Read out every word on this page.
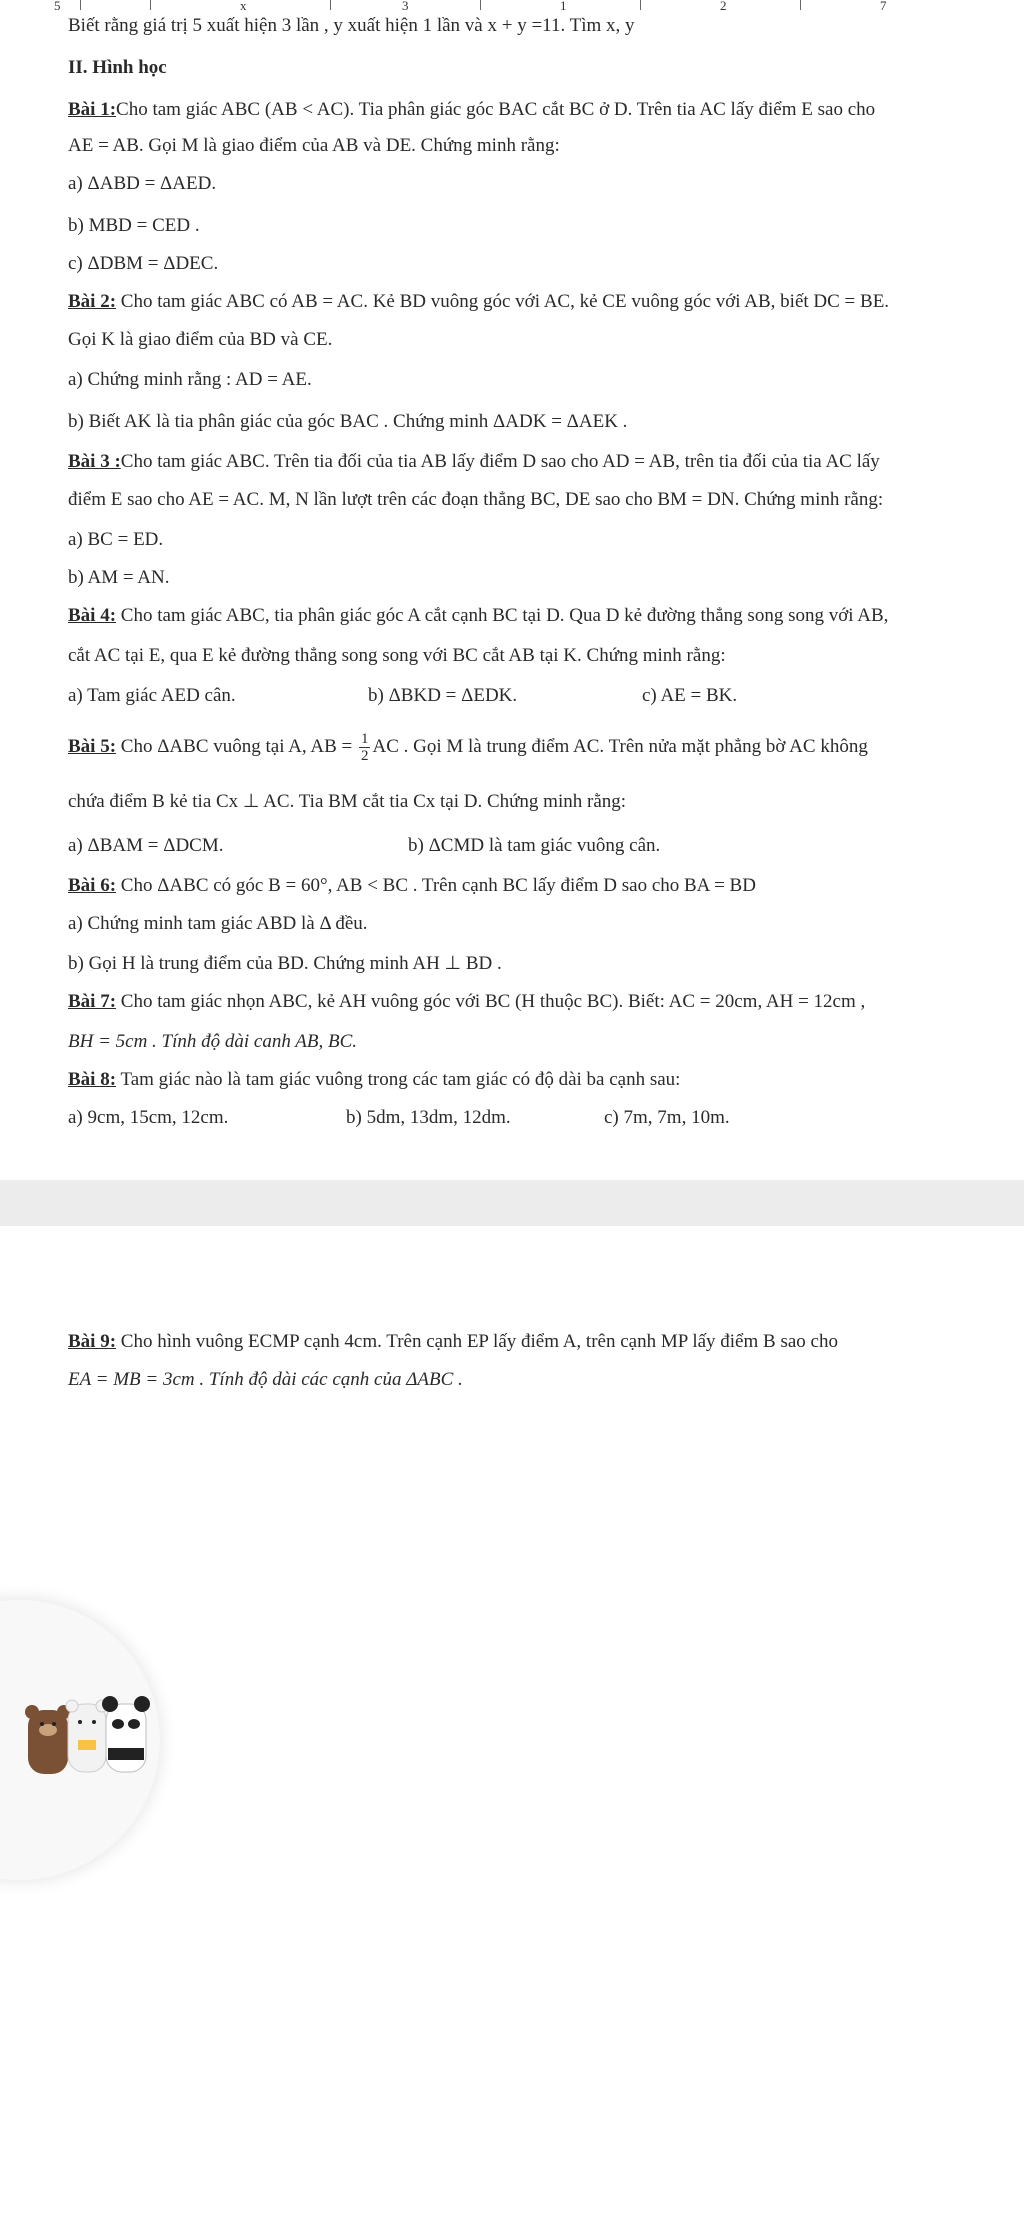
5	x	3	1	2	7
Biết rằng giá trị 5 xuất hiện 3 lần , y xuất hiện 1 lần và x + y =11. Tìm x, y
II. Hình học
Bài 1:Cho tam giác ABC (AB < AC). Tia phân giác góc BAC cắt BC ở D. Trên tia AC lấy điểm E sao cho
AE = AB. Gọi M là giao điểm của AB và DE. Chứng minh rằng:
a) ΔABD = ΔAED.
b) MBD = CED .
c) ΔDBM = ΔDEC.
Bài 2: Cho tam giác ABC có AB = AC. Kẻ BD vuông góc với AC, kẻ CE vuông góc với AB, biết DC = BE.
Gọi K là giao điểm của BD và CE.
a) Chứng minh rằng : AD = AE.
b) Biết AK là tia phân giác của góc BAC . Chứng minh ΔADK = ΔAEK .
Bài 3 :Cho tam giác ABC. Trên tia đối của tia AB lấy điểm D sao cho AD = AB, trên tia đối của tia AC lấy
điểm E sao cho AE = AC. M, N lần lượt trên các đoạn thẳng BC, DE sao cho BM = DN. Chứng minh rằng:
a) BC = ED.
b) AM = AN.
Bài 4: Cho tam giác ABC, tia phân giác góc A cắt cạnh BC tại D. Qua D kẻ đường thẳng song song với AB,
cắt AC tại E, qua E kẻ đường thẳng song song với BC cắt AB tại K. Chứng minh rằng:
a) Tam giác AED cân.	b) ΔBKD = ΔEDK.	c) AE = BK.
Bài 5: Cho ΔABC vuông tại A, AB = $\frac{1}{2}$ AC . Gọi M là trung điểm AC. Trên nửa mặt phẳng bờ AC không
chứa điểm B kẻ tia Cx ⊥ AC. Tia BM cắt tia Cx tại D. Chứng minh rằng:
a) ΔBAM = ΔDCM.	b) ΔCMD là tam giác vuông cân.
Bài 6: Cho ΔABC có góc B = 60°, AB < BC . Trên cạnh BC lấy điểm D sao cho BA = BD
a) Chứng minh tam giác ABD là Δ đều.
b) Gọi H là trung điểm của BD. Chứng minh AH ⊥ BD .
Bài 7: Cho tam giác nhọn ABC, kẻ AH vuông góc với BC (H thuộc BC). Biết: AC = 20cm, AH = 12cm ,
BH = 5cm . Tính độ dài canh AB, BC.
Bài 8: Tam giác nào là tam giác vuông trong các tam giác có độ dài ba cạnh sau:
a) 9cm, 15cm, 12cm.	b) 5dm, 13dm, 12dm.	c) 7m, 7m, 10m.
Bài 9: Cho hình vuông ECMP cạnh 4cm. Trên cạnh EP lấy điểm A, trên cạnh MP lấy điểm B sao cho
EA = MB = 3cm . Tính độ dài các cạnh của ΔABC .
